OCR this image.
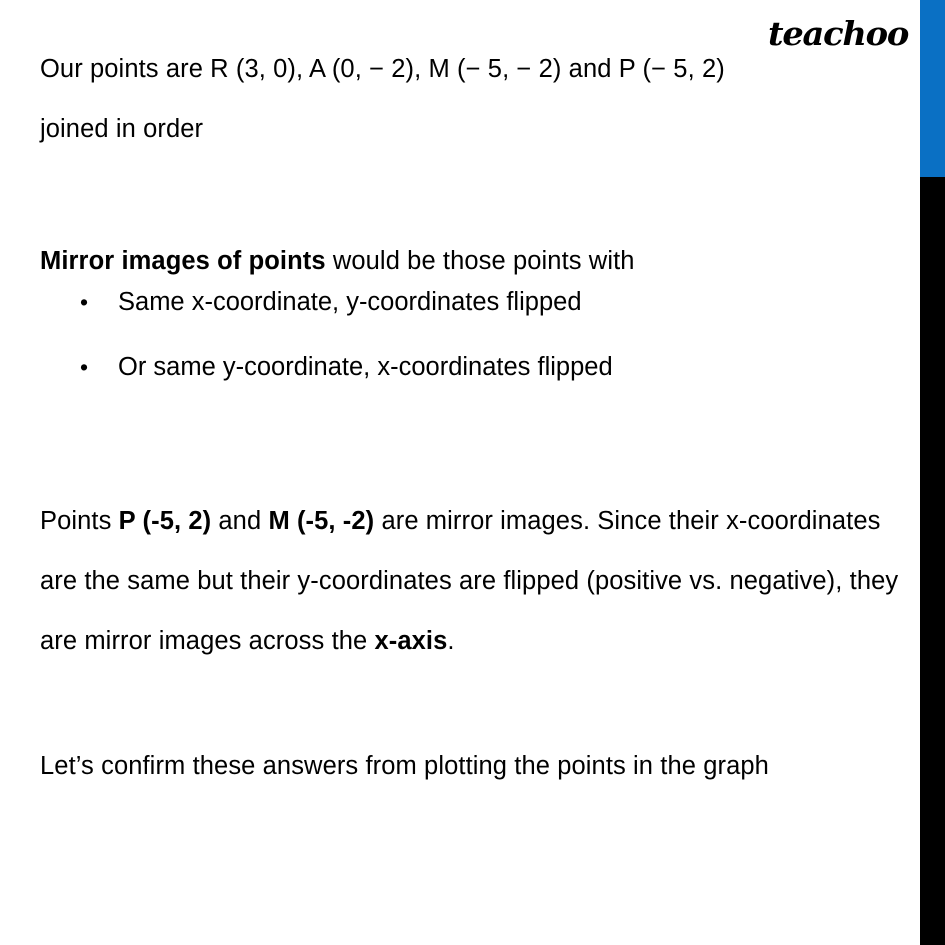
Our points are R (3, 0), A (0, − 2), M (− 5, − 2) and P (− 5, 2)
joined in order

Mirror images of points would be those points with

• Same x-coordinate, y-coordinates flipped
• Or same y-coordinate, x-coordinates flipped

Points P (-5, 2) and M (-5, -2) are mirror images. Since their x-coordinates are the same but their y-coordinates are flipped (positive vs. negative), they are mirror images across the x-axis.

Let’s confirm these answers from plotting the points in the graph

teachoo
